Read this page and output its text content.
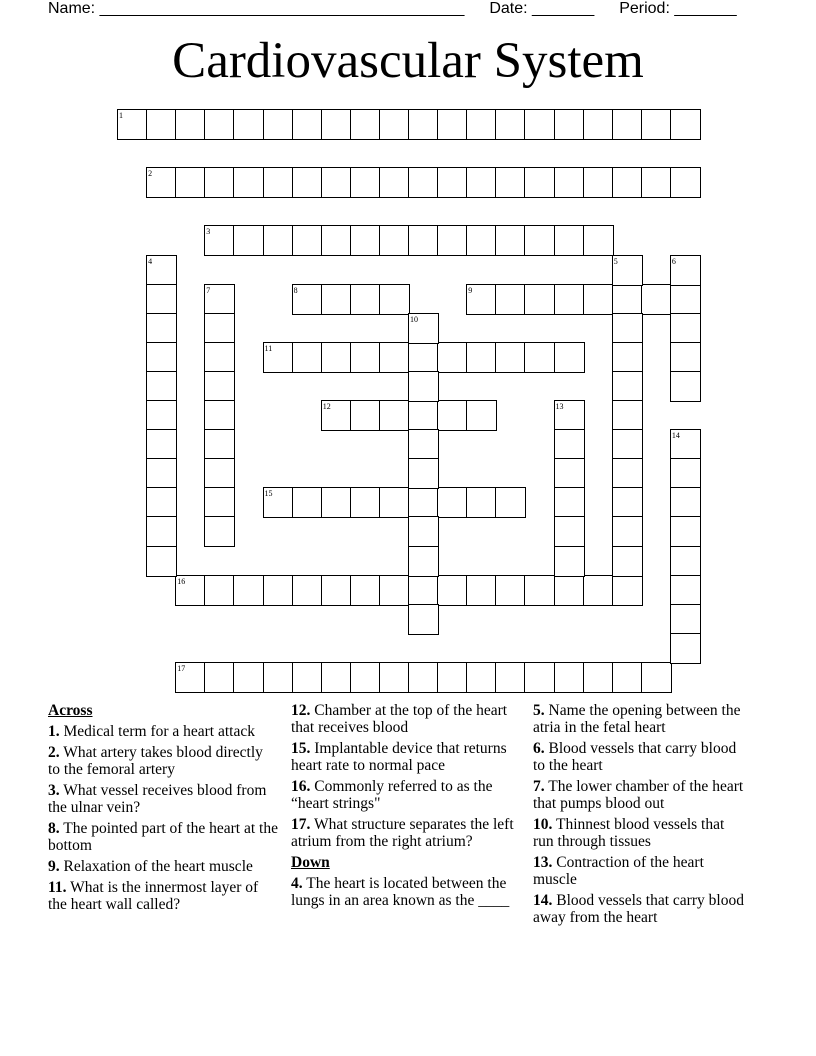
Name: _________________________________________ Date: _______ Period: _______
Cardiovascular System
1
2
3
8	9
11
12
15
16
17
4	5	6
7
10
13
14
Across
1. Medical term for a heart attack
2. What artery takes blood directly to the femoral artery
3. What vessel receives blood from the ulnar vein?
8. The pointed part of the heart at the bottom
9. Relaxation of the heart muscle
11. What is the innermost layer of the heart wall called?
12. Chamber at the top of the heart that receives blood
15. Implantable device that returns heart rate to normal pace
16. Commonly referred to as the “heart strings"
17. What structure separates the left atrium from the right atrium?
Down
4. The heart is located between the lungs in an area known as the ____
5. Name the opening between the atria in the fetal heart
6. Blood vessels that carry blood to the heart
7. The lower chamber of the heart that pumps blood out
10. Thinnest blood vessels that run through tissues
13. Contraction of the heart muscle
14. Blood vessels that carry blood away from the heart
